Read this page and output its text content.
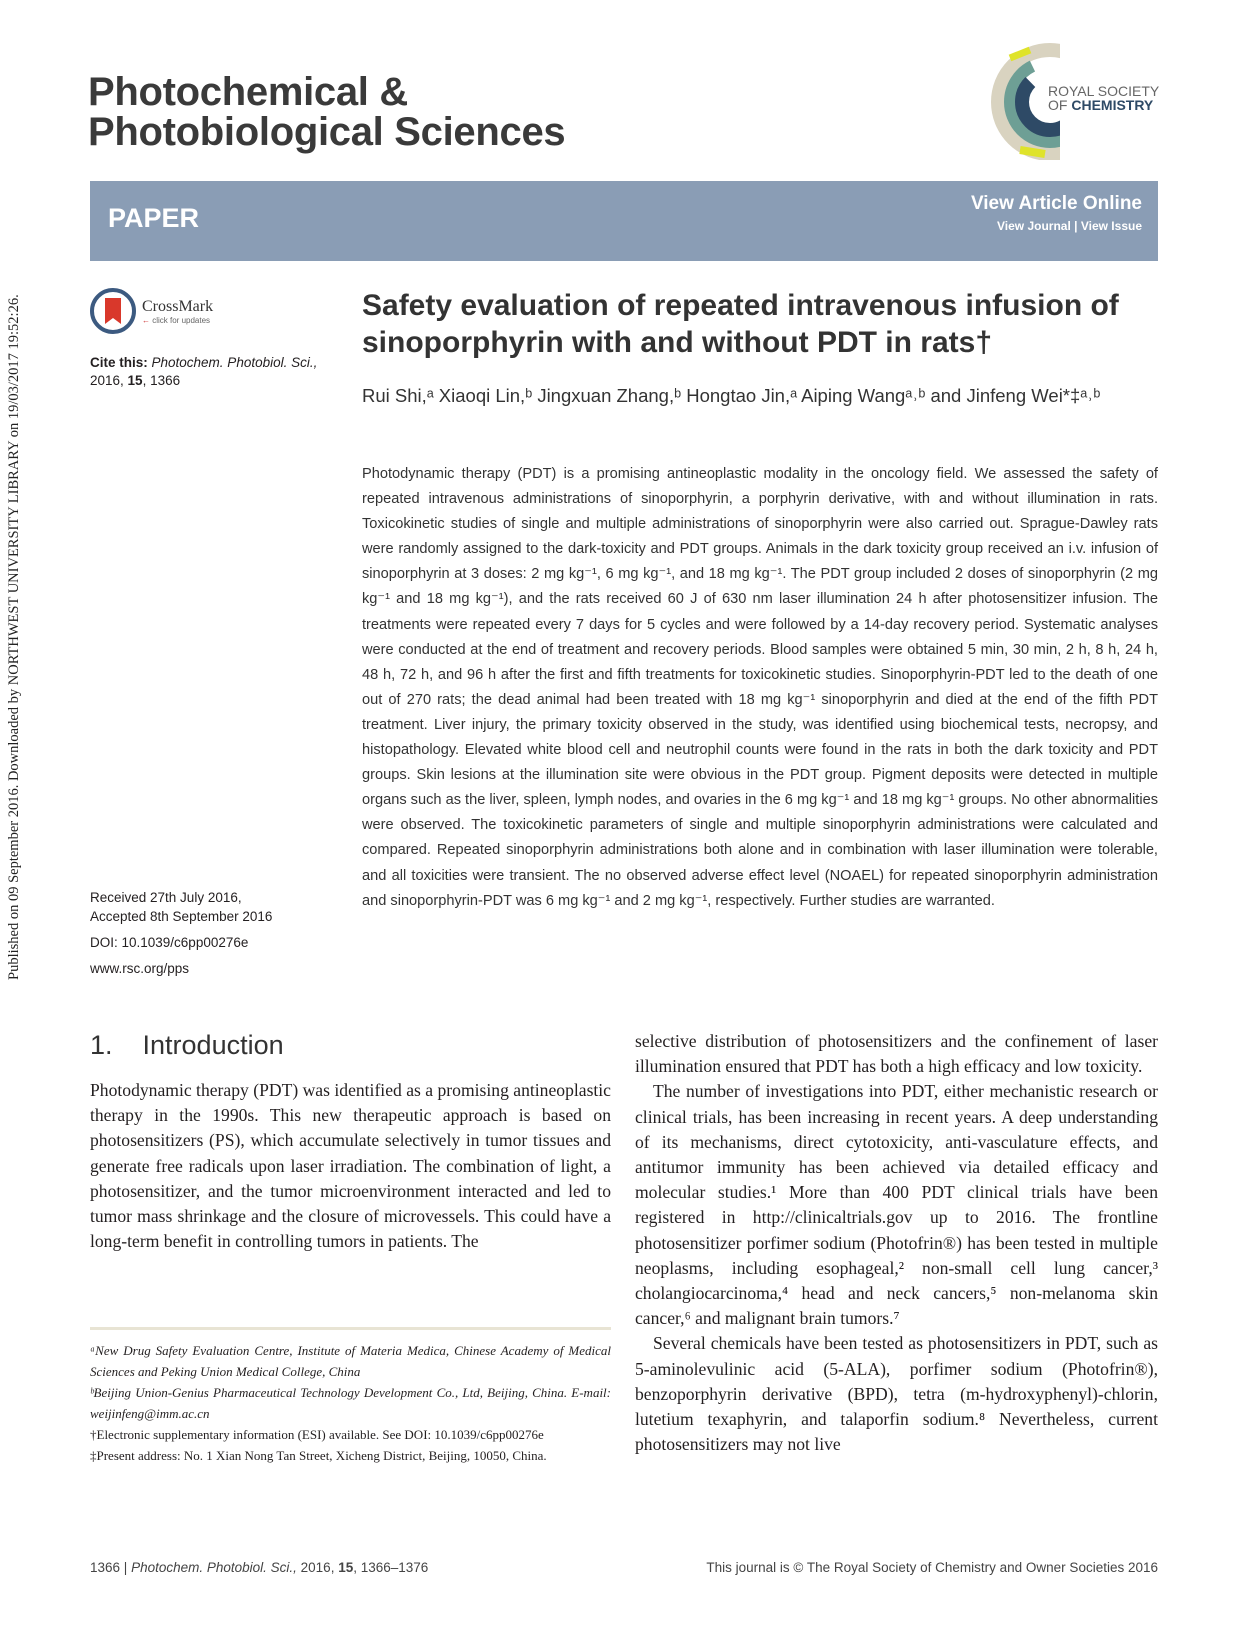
Published on 09 September 2016. Downloaded by NORTHWEST UNIVERSITY LIBRARY on 19/03/2017 19:52:26.
Photochemical &
Photobiological Sciences
ROYAL SOCIETY
OF CHEMISTRY
PAPER	View Article Online
View Journal | View Issue
CrossMark
← click for updates
Cite this: Photochem. Photobiol. Sci.,
2016, 15, 1366
Received 27th July 2016,
Accepted 8th September 2016
DOI: 10.1039/c6pp00276e
www.rsc.org/pps
Safety evaluation of repeated intravenous infusion of sinoporphyrin with and without PDT in rats†
Rui Shi,ᵃ Xiaoqi Lin,ᵇ Jingxuan Zhang,ᵇ Hongtao Jin,ᵃ Aiping Wangᵃ˒ᵇ and Jinfeng Wei*‡ᵃ˒ᵇ
Photodynamic therapy (PDT) is a promising antineoplastic modality in the oncology field. We assessed the safety of repeated intravenous administrations of sinoporphyrin, a porphyrin derivative, with and without illumination in rats. Toxicokinetic studies of single and multiple administrations of sinoporphyrin were also carried out. Sprague-Dawley rats were randomly assigned to the dark-toxicity and PDT groups. Animals in the dark toxicity group received an i.v. infusion of sinoporphyrin at 3 doses: 2 mg kg⁻¹, 6 mg kg⁻¹, and 18 mg kg⁻¹. The PDT group included 2 doses of sinoporphyrin (2 mg kg⁻¹ and 18 mg kg⁻¹), and the rats received 60 J of 630 nm laser illumination 24 h after photosensitizer infusion. The treatments were repeated every 7 days for 5 cycles and were followed by a 14-day recovery period. Systematic analyses were conducted at the end of treatment and recovery periods. Blood samples were obtained 5 min, 30 min, 2 h, 8 h, 24 h, 48 h, 72 h, and 96 h after the first and fifth treatments for toxicokinetic studies. Sinoporphyrin-PDT led to the death of one out of 270 rats; the dead animal had been treated with 18 mg kg⁻¹ sinoporphyrin and died at the end of the fifth PDT treatment. Liver injury, the primary toxicity observed in the study, was identified using biochemical tests, necropsy, and histopathology. Elevated white blood cell and neutrophil counts were found in the rats in both the dark toxicity and PDT groups. Skin lesions at the illumination site were obvious in the PDT group. Pigment deposits were detected in multiple organs such as the liver, spleen, lymph nodes, and ovaries in the 6 mg kg⁻¹ and 18 mg kg⁻¹ groups. No other abnormalities were observed. The toxicokinetic parameters of single and multiple sinoporphyrin administrations were calculated and compared. Repeated sinoporphyrin administrations both alone and in combination with laser illumination were tolerable, and all toxicities were transient. The no observed adverse effect level (NOAEL) for repeated sinoporphyrin administration and sinoporphyrin-PDT was 6 mg kg⁻¹ and 2 mg kg⁻¹, respectively. Further studies are warranted.
1.    Introduction

Photodynamic therapy (PDT) was identified as a promising antineoplastic therapy in the 1990s. This new therapeutic approach is based on photosensitizers (PS), which accumulate selectively in tumor tissues and generate free radicals upon laser irradiation. The combination of light, a photosensitizer, and the tumor microenvironment interacted and led to tumor mass shrinkage and the closure of microvessels. This could have a long-term benefit in controlling tumors in patients. The

selective distribution of photosensitizers and the confinement of laser illumination ensured that PDT has both a high efficacy and low toxicity.

The number of investigations into PDT, either mechanistic research or clinical trials, has been increasing in recent years. A deep understanding of its mechanisms, direct cytotoxicity, anti-vasculature effects, and antitumor immunity has been achieved via detailed efficacy and molecular studies.¹ More than 400 PDT clinical trials have been registered in http://clinicaltrials.gov up to 2016. The frontline photosensitizer porfimer sodium (Photofrin®) has been tested in multiple neoplasms, including esophageal,² non-small cell lung cancer,³ cholangiocarcinoma,⁴ head and neck cancers,⁵ non-melanoma skin cancer,⁶ and malignant brain tumors.⁷

Several chemicals have been tested as photosensitizers in PDT, such as 5-aminolevulinic acid (5-ALA), porfimer sodium (Photofrin®), benzoporphyrin derivative (BPD), tetra (m-hydroxyphenyl)-chlorin, lutetium texaphyrin, and talaporfin sodium.⁸ Nevertheless, current photosensitizers may not live

ᵃNew Drug Safety Evaluation Centre, Institute of Materia Medica, Chinese Academy of Medical Sciences and Peking Union Medical College, China

ᵇBeijing Union-Genius Pharmaceutical Technology Development Co., Ltd, Beijing, China. E-mail: weijinfeng@imm.ac.cn

†Electronic supplementary information (ESI) available. See DOI: 10.1039/c6pp00276e

‡Present address: No. 1 Xian Nong Tan Street, Xicheng District, Beijing, 10050, China.

1366 | Photochem. Photobiol. Sci., 2016, 15, 1366–1376	This journal is © The Royal Society of Chemistry and Owner Societies 2016
